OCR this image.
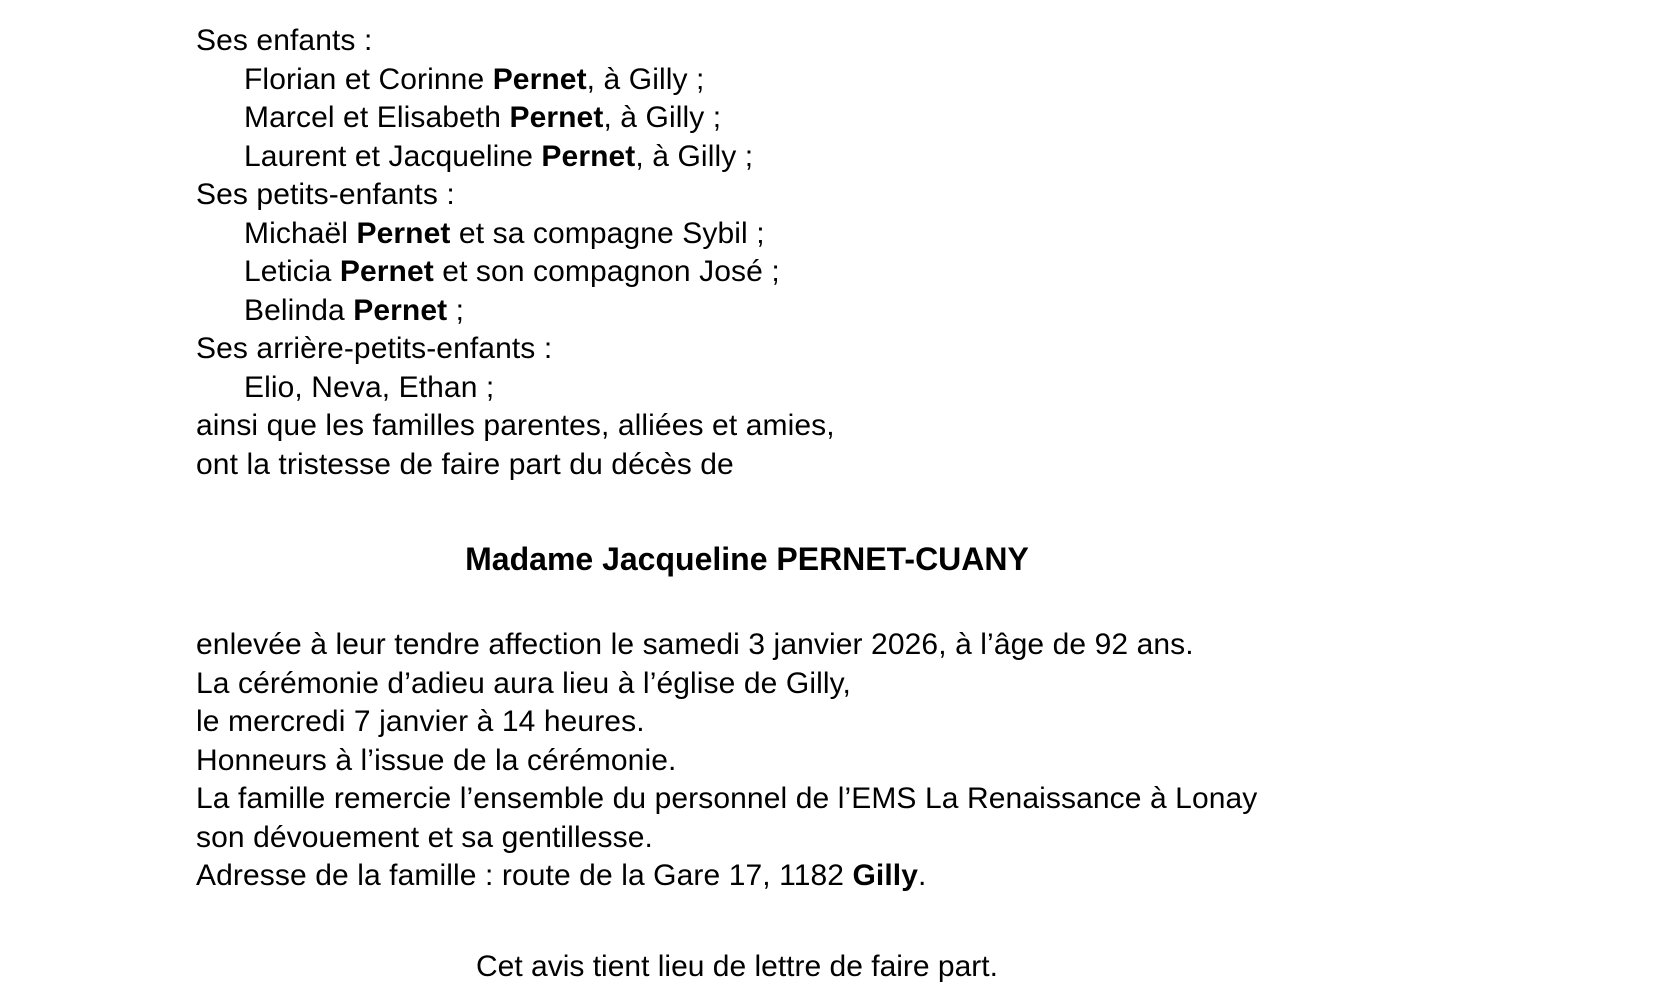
Ses enfants :
Florian et Corinne Pernet, à Gilly ;
Marcel et Elisabeth Pernet, à Gilly ;
Laurent et Jacqueline Pernet, à Gilly ;
Ses petits-enfants :
Michaël Pernet et sa compagne Sybil ;
Leticia Pernet et son compagnon José ;
Belinda Pernet ;
Ses arrière-petits-enfants :
Elio, Neva, Ethan ;
ainsi que les familles parentes, alliées et amies,
ont la tristesse de faire part du décès de
Madame Jacqueline PERNET-CUANY
enlevée à leur tendre affection le samedi 3 janvier 2026, à l’âge de 92 ans.
La cérémonie d’adieu aura lieu à l’église de Gilly,
le mercredi 7 janvier à 14 heures.
Honneurs à l’issue de la cérémonie.
La famille remercie l’ensemble du personnel de l’EMS La Renaissance à Lonay
son dévouement et sa gentillesse.
Adresse de la famille : route de la Gare 17, 1182 Gilly.
Cet avis tient lieu de lettre de faire part.
